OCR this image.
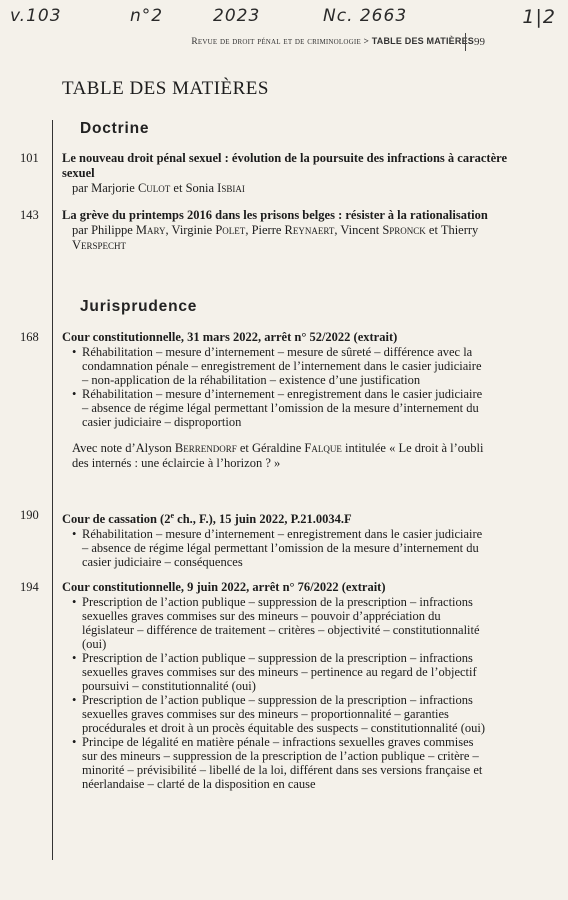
v.103	n°2	2023	Nc. 2663	1|2
Revue de droit pénal et de criminologie > TABLE DES MATIÈRES 99
TABLE DES MATIÈRES
Doctrine
101 Le nouveau droit pénal sexuel : évolution de la poursuite des infractions à caractère sexuel
par Marjorie Culot et Sonia Isbiai
143 La grève du printemps 2016 dans les prisons belges : résister à la rationalisation
par Philippe Mary, Virginie Polet, Pierre Reynaert, Vincent Spronck et Thierry Verspecht
Jurisprudence
168 Cour constitutionnelle, 31 mars 2022, arrêt n° 52/2022 (extrait)
• Réhabilitation – mesure d’internement – mesure de sûreté – différence avec la condamnation pénale – enregistrement de l’internement dans le casier judiciaire – non-application de la réhabilitation – existence d’une justification
• Réhabilitation – mesure d’internement – enregistrement dans le casier judiciaire – absence de régime légal permettant l’omission de la mesure d’internement du casier judiciaire – disproportion
Avec note d’Alyson Berrendorf et Géraldine Falque intitulée « Le droit à l’oubli des internés : une éclaircie à l’horizon ? »
190 Cour de cassation (2e ch., F.), 15 juin 2022, P.21.0034.F
• Réhabilitation – mesure d’internement – enregistrement dans le casier judiciaire – absence de régime légal permettant l’omission de la mesure d’internement du casier judiciaire – conséquences
194 Cour constitutionnelle, 9 juin 2022, arrêt n° 76/2022 (extrait)
• Prescription de l’action publique – suppression de la prescription – infractions sexuelles graves commises sur des mineurs – pouvoir d’appréciation du législateur – différence de traitement – critères – objectivité – constitutionnalité (oui)
• Prescription de l’action publique – suppression de la prescription – infractions sexuelles graves commises sur des mineurs – pertinence au regard de l’objectif poursuivi – constitutionnalité (oui)
• Prescription de l’action publique – suppression de la prescription – infractions sexuelles graves commises sur des mineurs – proportionnalité – garanties procédurales et droit à un procès équitable des suspects – constitutionnalité (oui)
• Principe de légalité en matière pénale – infractions sexuelles graves commises sur des mineurs – suppression de la prescription de l’action publique – critère – minorité – prévisibilité – libellé de la loi, différent dans ses versions française et néerlandaise – clarté de la disposition en cause
